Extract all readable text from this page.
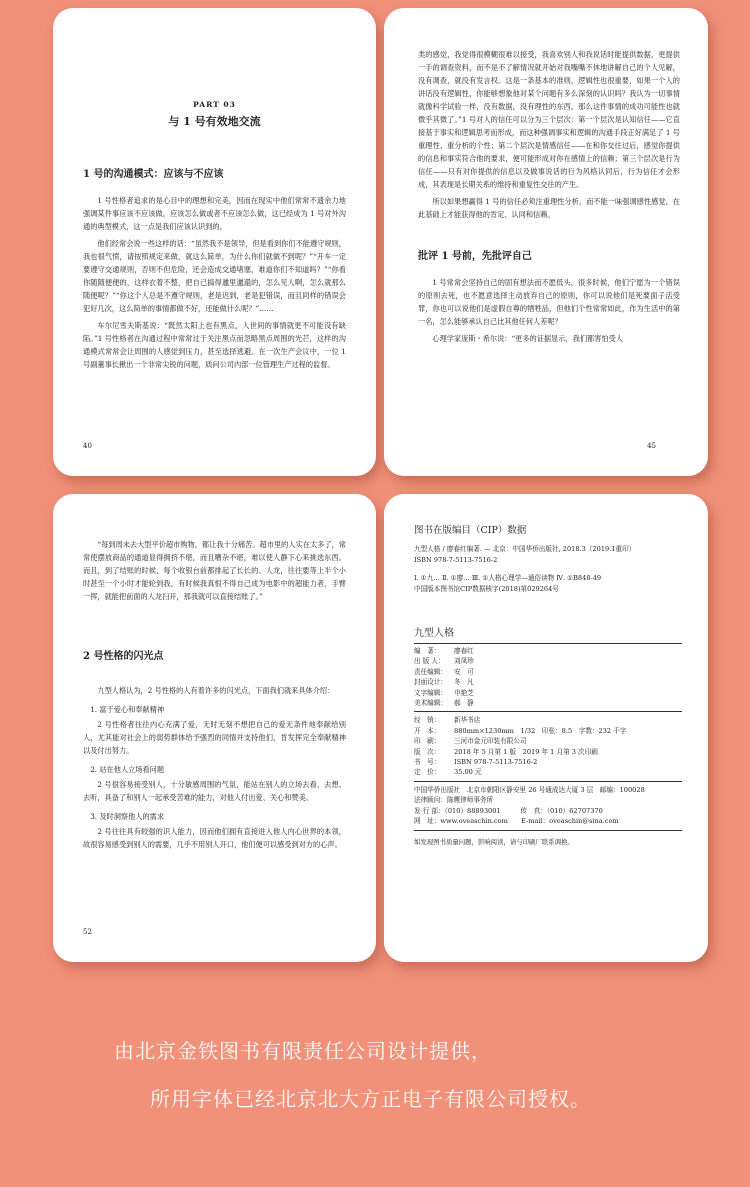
PART 03

与 1 号有效地交流

1 号的沟通模式：应该与不应该

1 号性格者追求的是心目中的理想和完美，因而在现实中他们常常不遗余力地强调某件事应该不应该做，应该怎么做或者不应该怎么做，这已经成为 1 号对外沟通的典型模式，这一点是我们应该认识到的。

他们经常会说一些这样的话：“虽然我不是领导，但是看到你们不能遵守规则，我也很气愤，请按照规定来做，就这么简单，为什么你们就做不到呢？”“开车一定要遵守交通规则，否则不但危险，还会造成交通堵塞，难道你们不知道吗？”“你看你随随便便的，这样衣着不整，把自己搞得邋里邋遢的，怎么见人啊，怎么就那么随便呢？”“你这个人总是不遵守规则，老是迟到，老是犯错误，而且同样的错误会犯好几次，这么简单的事情都做不好，还能做什么呢？”……

车尔尼雪夫斯基说：“既然太阳上也有黑点，人世间的事情就更不可能没有缺陷。”1 号性格者在沟通过程中常常过于关注黑点而忽略黑点周围的光芒，这样的沟通模式常常会让周围的人感觉到压力，甚至选择逃避。在一次生产会议中，一位 1 号副董事长揪出一个非常尖锐的问题，质问公司内部一位管理生产过程的监督。

40

类的感觉，我觉得很模糊很难以接受，我喜欢别人和我说话时能提供数据，更提供一手的调查资料，而不是不了解情况就开始对我嘴嘴不休地讲解自己的个人见解，没有调查，就没有发言权。这是一条基本的准则，逻辑性也很重要，如果一个人的讲话没有逻辑性，你能够想象他对某个问题有多么深刻的认识吗？我认为一切事情就像科学试验一样，没有数据，没有理性的东西，那么这件事情的成功可能性也就微乎其微了。”1 号对人的信任可以分为三个层次：第一个层次是认知信任——它直接基于事实和逻辑思考而形成，而这种强调事实和逻辑的沟通手段正好满足了 1 号重理性、重分析的个性；第二个层次是情感信任——在和你交往过后，感觉你提供的信息和事实符合他的要求，便可能形成对你在感情上的信赖；第三个层次是行为信任——只有对你提供的信息以及做事说话的行为风格认同后，行为信任才会形成，其表现是长期关系的维持和重复性交往的产生。

所以如果想赢得 1 号的信任必须注重理性分析，而不能一味强调感性感觉，在此基础上才能获得他的肯定、认同和信赖。

批评 1 号前，先批评自己

1 号常常会坚持自己的固有想法而不愿低头，很多时候，他们宁愿为一个错误的原则去死，也不愿意选择主动放弃自己的原则，你可以说他们是死要面子活受罪，你也可以说他们是虚假自尊的牺牲品，但他们个性常常如此，作为生活中的第一名，怎么能够承认自己比其他任何人差呢？

心理学家庞斯・希尔说：“更多的证据显示，我们都害怕受人

45

“每到周末去大型平价超市购物，都让我十分痛苦。超市里的人实在太多了，常常使摆放商品的通道显得拥挤不堪，而且嘈杂不堪，难以使人静下心来挑选东西。而且，到了结账的时候，每个收银台前都排起了长长的、人龙，往往要等上半个小时甚至一个小时才能轮到我，有时候我真恨不得自己成为电影中的超能力者，手臂一挥，就能把前面的人龙扫开，那我就可以直接结账了。”

2 号性格的闪光点

九型人格认为，2 号性格的人有着许多的闪光点，下面我们就来具体介绍：

1. 富于爱心和奉献精神

2 号性格者往往内心充满了爱，无时无刻不想把自己的爱无条件地奉献给别人，尤其能对社会上的弱势群体给予强烈的同情并支持他们，肯发挥完全奉献精神以及付出努力。

2. 站在他人立场看问题

2 号很容易接受别人，十分敏感周围的气氛，能站在别人的立场去看、去想、去听，具备了和别人一起承受苦难的能力，对他人付出爱、关心和赞美。

3. 及时洞察他人的需求

2 号往往具有较强的识人能力，因而他们拥有直接进入他人内心世界的本领，故很容易感受到别人的需要，几乎不用别人开口，他们便可以感受到对方的心声。

52

图书在版编目（CIP）数据

九型人格 / 廖春红编著. — 北京：中国华侨出版社, 2018.3（2019.1重印）

ISBN 978-7-5113-7516-2

Ⅰ. ①九… Ⅱ. ①廖… Ⅲ. ①人格心理学—通俗读物 Ⅳ. ①B848-49

中国版本图书馆CIP数据核字(2018)第029264号

九型人格

编　著：	廖春红
出 版 人：	刘凤珍
责任编辑：	安　可
封面设计：	冬　凡
文字编辑：	申艳芝
美术编辑：	郝　静
经　销：	新华书店
开　本：	880mm×1230mm　1/32　印张：8.5　字数：232 千字
印　刷：	三河市金元印装有限公司
版　次：	2018 年 5 月第 1 版　2019 年 1 月第 3 次印刷
书　号：	ISBN 978-7-5113-7516-2
定　价：	35.00 元

中国华侨出版社　北京市朝阳区静安里 26 号通成达大厦 3 层　邮编：100028

法律顾问：陈鹰律师事务所

发 行 部：（010）88893001　　　传　真：（010）62707370

网　址：www.oveaschin.com　　E-mail：oveaschin@sina.com

如发现图书质量问题，影响阅读，请与印刷厂联系调换。

由北京金铁图书有限责任公司设计提供，

所用字体已经北京北大方正电子有限公司授权。
